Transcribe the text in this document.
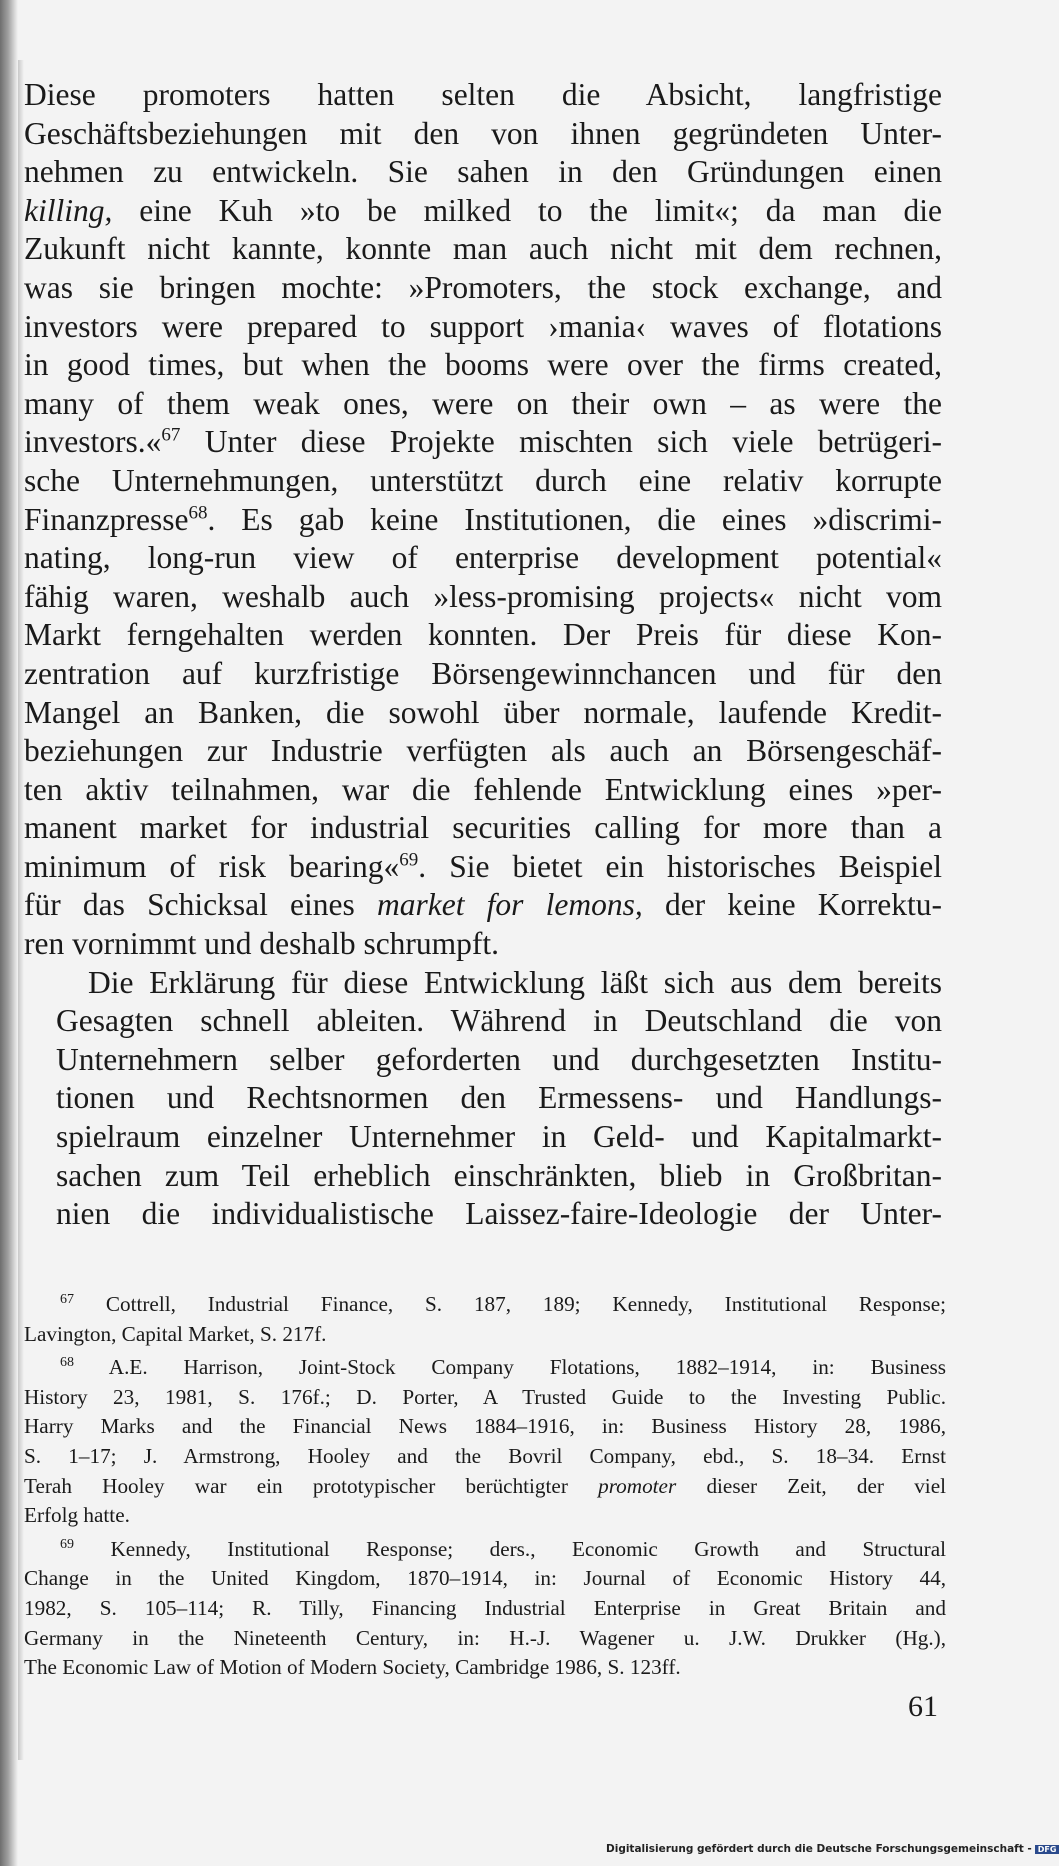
Diese promoters hatten selten die Absicht, langfristige
Geschäftsbeziehungen mit den von ihnen gegründeten Unter-
nehmen zu entwickeln. Sie sahen in den Gründungen einen
killing, eine Kuh »to be milked to the limit«; da man die
Zukunft nicht kannte, konnte man auch nicht mit dem rechnen,
was sie bringen mochte: »Promoters, the stock exchange, and
investors were prepared to support ›mania‹ waves of flotations
in good times, but when the booms were over the firms created,
many of them weak ones, were on their own – as were the
investors.«$^{67}$ Unter diese Projekte mischten sich viele betrügeri-
sche Unternehmungen, unterstützt durch eine relativ korrupte
Finanzpresse$^{68}$. Es gab keine Institutionen, die eines »discrimi-
nating, long-run view of enterprise development potential«
fähig waren, weshalb auch »less-promising projects« nicht vom
Markt ferngehalten werden konnten. Der Preis für diese Kon-
zentration auf kurzfristige Börsengewinnchancen und für den
Mangel an Banken, die sowohl über normale, laufende Kredit-
beziehungen zur Industrie verfügten als auch an Börsengeschäf-
ten aktiv teilnahmen, war die fehlende Entwicklung eines »per-
manent market for industrial securities calling for more than a
minimum of risk bearing«$^{69}$. Sie bietet ein historisches Beispiel
für das Schicksal eines market for lemons, der keine Korrektu-
ren vornimmt und deshalb schrumpft.

Die Erklärung für diese Entwicklung läßt sich aus dem bereits
Gesagten schnell ableiten. Während in Deutschland die von
Unternehmern selber geforderten und durchgesetzten Institu-
tionen und Rechtsnormen den Ermessens- und Handlungs-
spielraum einzelner Unternehmer in Geld- und Kapitalmarkt-
sachen zum Teil erheblich einschränkten, blieb in Großbritan-
nien die individualistische Laissez-faire-Ideologie der Unter-

$^{67}$ Cottrell, Industrial Finance, S. 187, 189; Kennedy, Institutional Response;
Lavington, Capital Market, S. 217f.
$^{68}$ A.E. Harrison, Joint-Stock Company Flotations, 1882–1914, in: Business
History 23, 1981, S. 176f.; D. Porter, A Trusted Guide to the Investing Public.
Harry Marks and the Financial News 1884–1916, in: Business History 28, 1986,
S. 1–17; J. Armstrong, Hooley and the Bovril Company, ebd., S. 18–34. Ernst
Terah Hooley war ein prototypischer berüchtigter promoter dieser Zeit, der viel
Erfolg hatte.
$^{69}$ Kennedy, Institutional Response; ders., Economic Growth and Structural
Change in the United Kingdom, 1870–1914, in: Journal of Economic History 44,
1982, S. 105–114; R. Tilly, Financing Industrial Enterprise in Great Britain and
Germany in the Nineteenth Century, in: H.-J. Wagener u. J.W. Drukker (Hg.),
The Economic Law of Motion of Modern Society, Cambridge 1986, S. 123ff.
61
Digitalisierung gefördert durch die Deutsche Forschungsgemeinschaft - DFG
